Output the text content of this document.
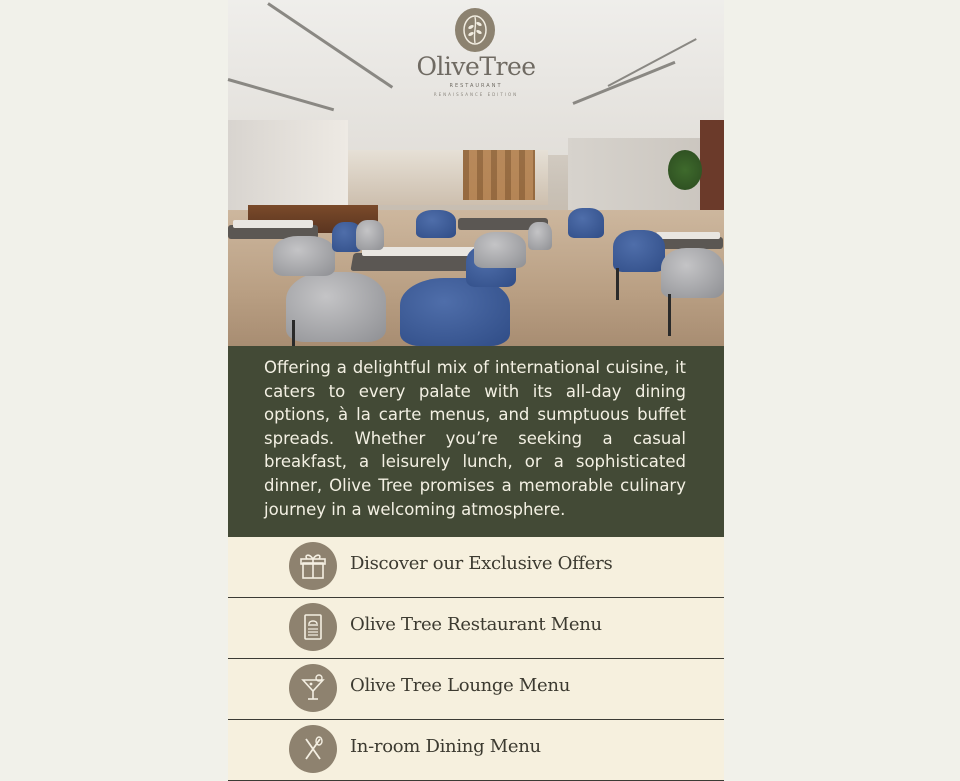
OliveTree
RESTAURANT
RENAISSANCE EDITION

Offering a delightful mix of international cuisine, it caters to every palate with its all-day dining options, à la carte menus, and sumptuous buffet spreads. Whether you’re seeking a casual breakfast, a leisurely lunch, or a sophisticated dinner, Olive Tree promises a memorable culinary journey in a welcoming atmosphere.

Discover our Exclusive Offers
Olive Tree Restaurant Menu
Olive Tree Lounge Menu
In-room Dining Menu
